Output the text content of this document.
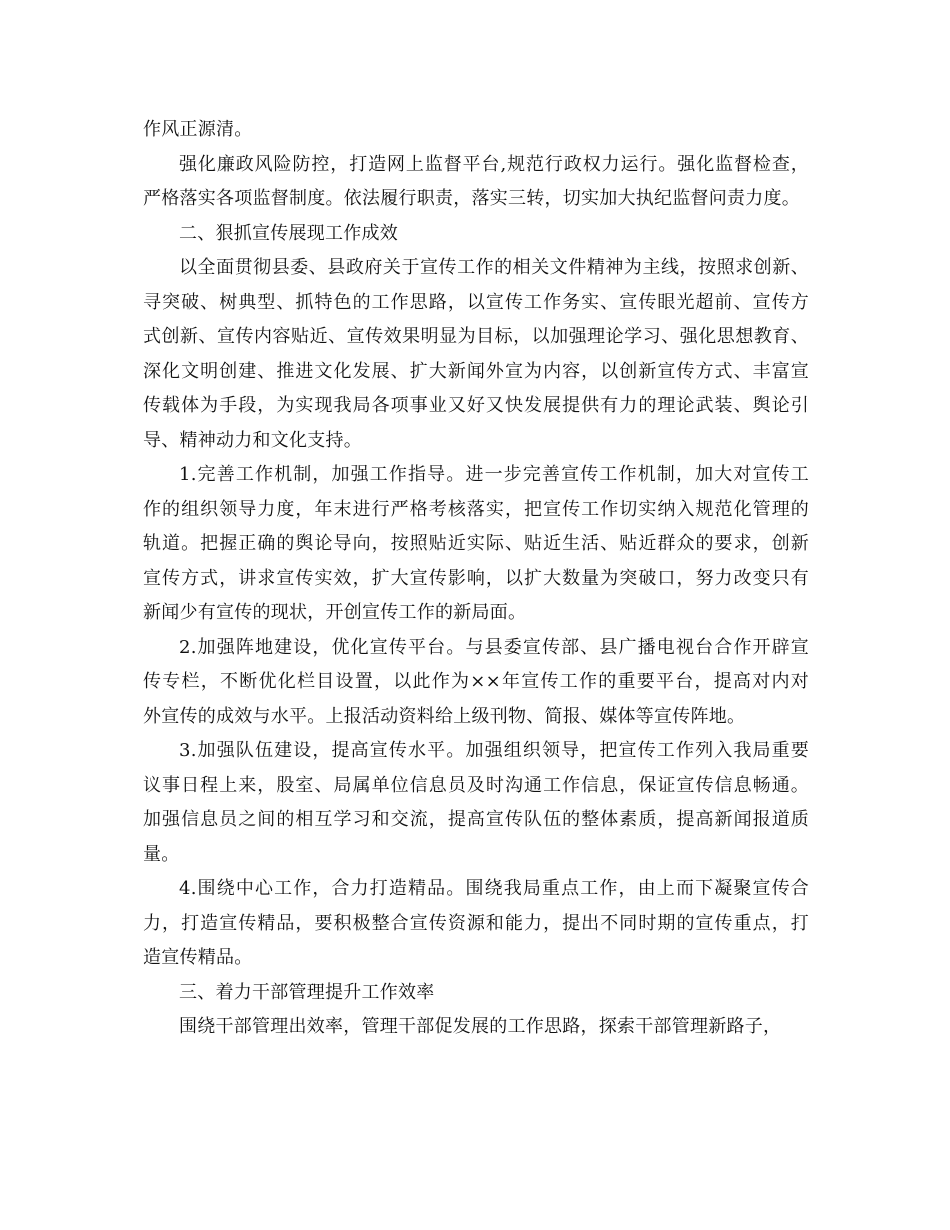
作风正源清。

强化廉政风险防控，打造网上监督平台,规范行政权力运行。强化监督检查，
严格落实各项监督制度。依法履行职责，落实三转，切实加大执纪监督问责力度。

二、狠抓宣传展现工作成效

以全面贯彻县委、县政府关于宣传工作的相关文件精神为主线，按照求创新、
寻突破、树典型、抓特色的工作思路，以宣传工作务实、宣传眼光超前、宣传方
式创新、宣传内容贴近、宣传效果明显为目标，以加强理论学习、强化思想教育、
深化文明创建、推进文化发展、扩大新闻外宣为内容，以创新宣传方式、丰富宣
传载体为手段，为实现我局各项事业又好又快发展提供有力的理论武装、舆论引
导、精神动力和文化支持。

1.完善工作机制，加强工作指导。进一步完善宣传工作机制，加大对宣传工
作的组织领导力度，年末进行严格考核落实，把宣传工作切实纳入规范化管理的
轨道。把握正确的舆论导向，按照贴近实际、贴近生活、贴近群众的要求，创新
宣传方式，讲求宣传实效，扩大宣传影响，以扩大数量为突破口，努力改变只有
新闻少有宣传的现状，开创宣传工作的新局面。

2.加强阵地建设，优化宣传平台。与县委宣传部、县广播电视台合作开辟宣
传专栏，不断优化栏目设置，以此作为××年宣传工作的重要平台，提高对内对
外宣传的成效与水平。上报活动资料给上级刊物、简报、媒体等宣传阵地。

3.加强队伍建设，提高宣传水平。加强组织领导，把宣传工作列入我局重要
议事日程上来，股室、局属单位信息员及时沟通工作信息，保证宣传信息畅通。
加强信息员之间的相互学习和交流，提高宣传队伍的整体素质，提高新闻报道质
量。

4.围绕中心工作，合力打造精品。围绕我局重点工作，由上而下凝聚宣传合
力，打造宣传精品，要积极整合宣传资源和能力，提出不同时期的宣传重点，打
造宣传精品。

三、着力干部管理提升工作效率

围绕干部管理出效率，管理干部促发展的工作思路，探索干部管理新路子，
